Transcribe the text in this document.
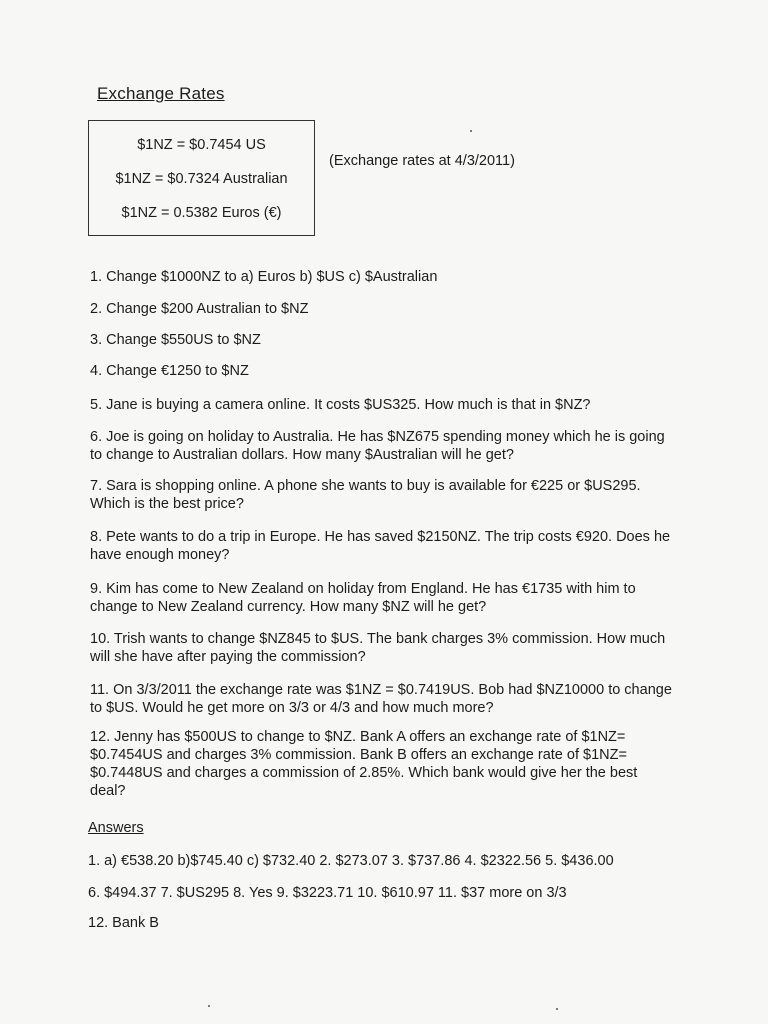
Exchange Rates
$1NZ = $0.7454 US
$1NZ = $0.7324 Australian
$1NZ = 0.5382 Euros (€)
(Exchange rates at 4/3/2011)

1. Change $1000NZ to a) Euros b) $US c) $Australian

2. Change $200 Australian to $NZ

3. Change $550US to $NZ

4. Change €1250 to $NZ

5. Jane is buying a camera online. It costs $US325. How much is that in $NZ?

6. Joe is going on holiday to Australia. He has $NZ675 spending money which he is going to change to Australian dollars. How many $Australian will he get?

7. Sara is shopping online. A phone she wants to buy is available for €225 or $US295. Which is the best price?

8. Pete wants to do a trip in Europe. He has saved $2150NZ. The trip costs €920. Does he have enough money?

9. Kim has come to New Zealand on holiday from England. He has €1735 with him to change to New Zealand currency. How many $NZ will he get?

10. Trish wants to change $NZ845 to $US. The bank charges 3% commission. How much will she have after paying the commission?

11. On 3/3/2011 the exchange rate was $1NZ = $0.7419US. Bob had $NZ10000 to change to $US. Would he get more on 3/3 or 4/3 and how much more?

12. Jenny has $500US to change to $NZ. Bank A offers an exchange rate of $1NZ= $0.7454US and charges 3% commission. Bank B offers an exchange rate of $1NZ= $0.7448US and charges a commission of 2.85%. Which bank would give her the best deal?

Answers
1. a) €538.20 b)$745.40 c) $732.40 2. $273.07 3. $737.86 4. $2322.56 5. $436.00
6. $494.37 7. $US295 8. Yes 9. $3223.71 10. $610.97 11. $37 more on 3/3
12. Bank B
